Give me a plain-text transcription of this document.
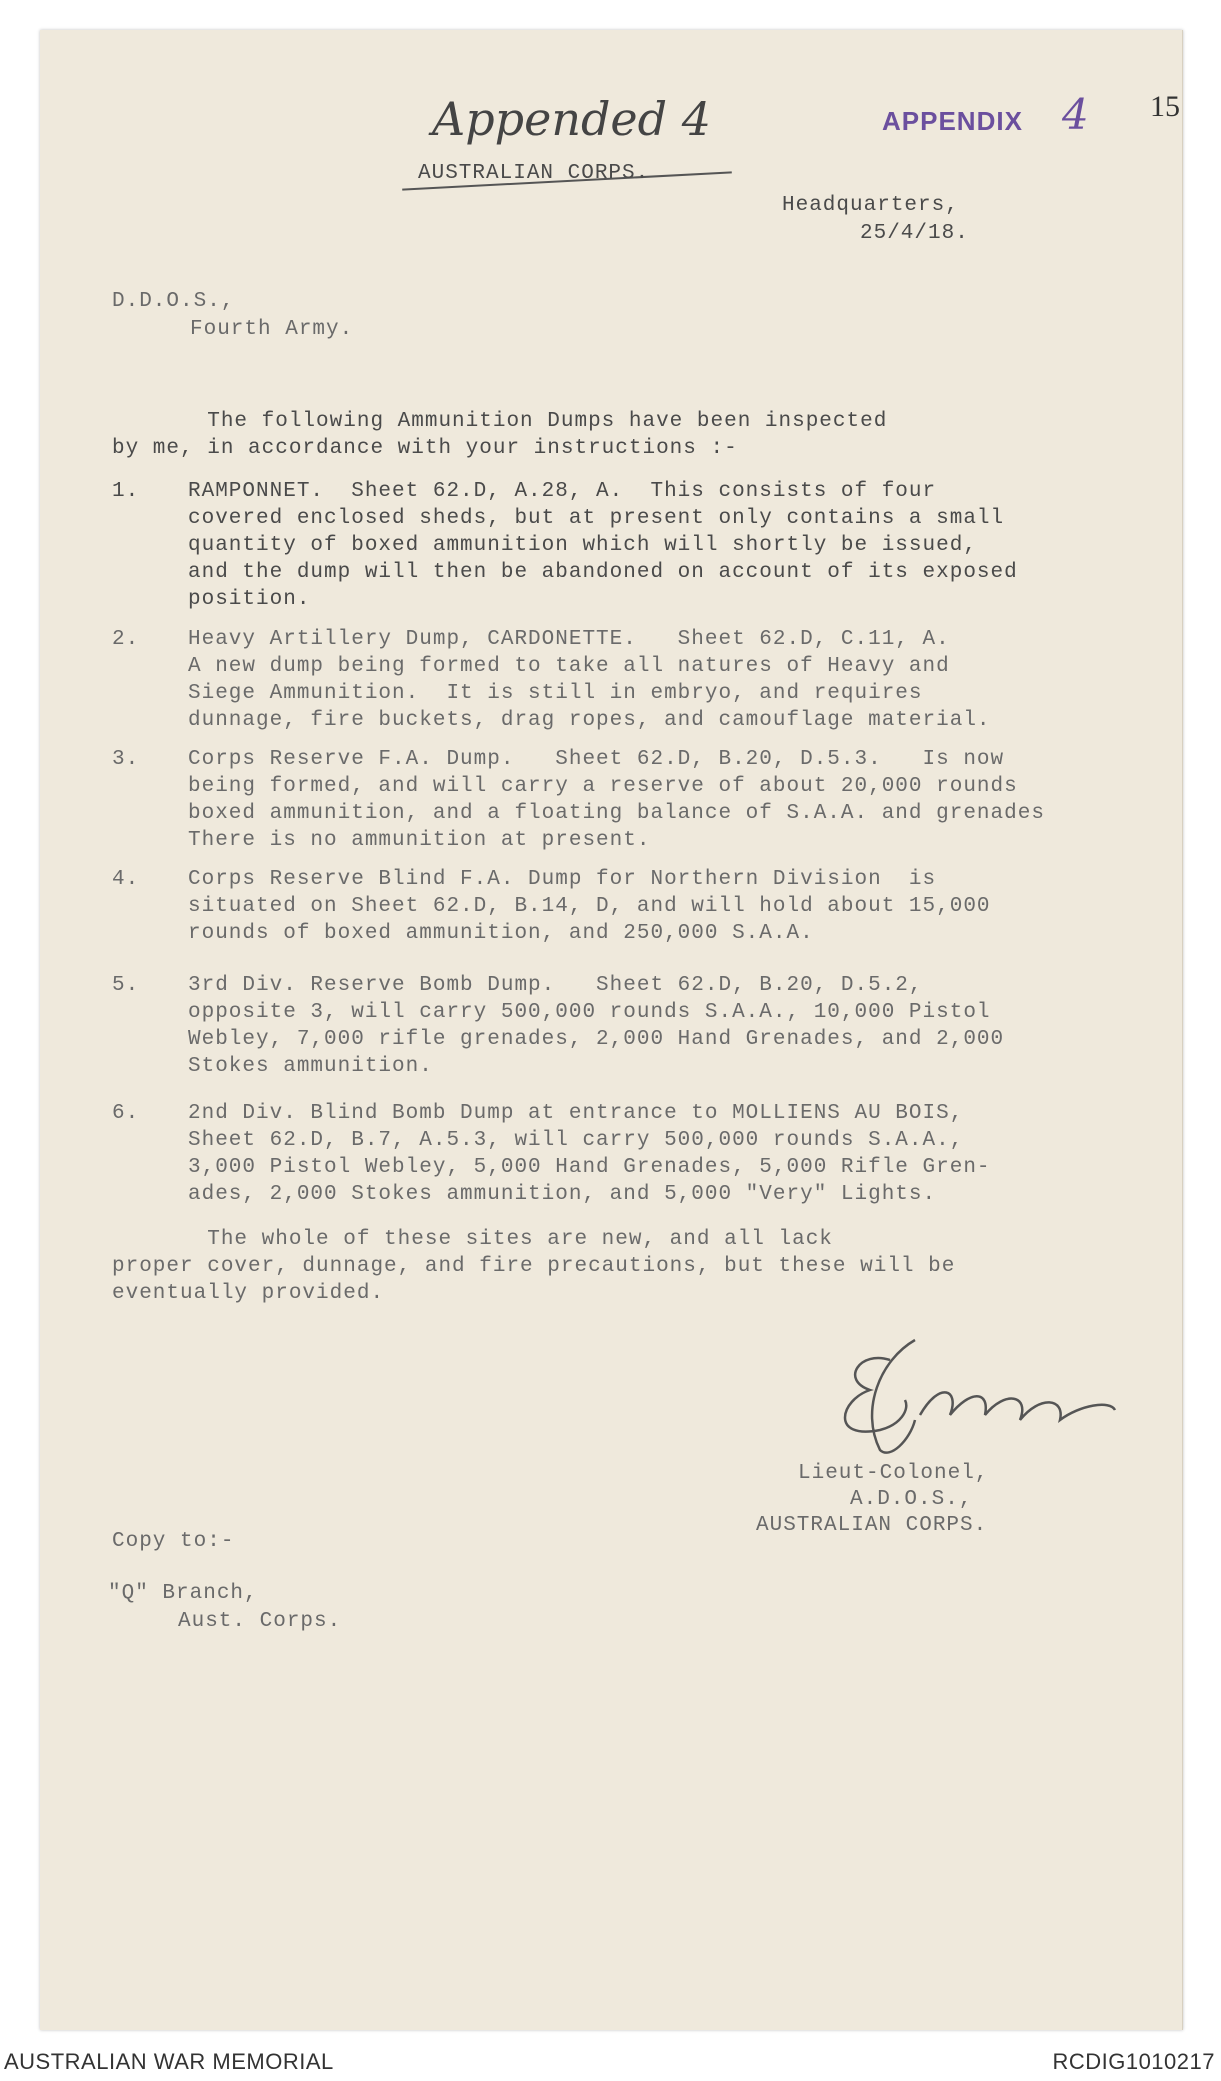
Appended 4	APPENDIX 4 15
AUSTRALIAN CORPS.
Headquarters,
25/4/18.
D.D.O.S.,
Fourth Army.
The following Ammunition Dumps have been inspected
by me, in accordance with your instructions :-

1.

RAMPONNET.  Sheet 62.D, A.28, A.  This consists of four
covered enclosed sheds, but at present only contains a small
quantity of boxed ammunition which will shortly be issued,
and the dump will then be abandoned on account of its exposed
position.

2.

Heavy Artillery Dump, CARDONETTE.   Sheet 62.D, C.11, A.
A new dump being formed to take all natures of Heavy and
Siege Ammunition.  It is still in embryo, and requires
dunnage, fire buckets, drag ropes, and camouflage material.

3.

Corps Reserve F.A. Dump.   Sheet 62.D, B.20, D.5.3.   Is now
being formed, and will carry a reserve of about 20,000 rounds
boxed ammunition, and a floating balance of S.A.A. and grenades
There is no ammunition at present.

4.

Corps Reserve Blind F.A. Dump for Northern Division  is
situated on Sheet 62.D, B.14, D, and will hold about 15,000
rounds of boxed ammunition, and 250,000 S.A.A.

5.

3rd Div. Reserve Bomb Dump.   Sheet 62.D, B.20, D.5.2,
opposite 3, will carry 500,000 rounds S.A.A., 10,000 Pistol
Webley, 7,000 rifle grenades, 2,000 Hand Grenades, and 2,000
Stokes ammunition.

6.

2nd Div. Blind Bomb Dump at entrance to MOLLIENS AU BOIS,
Sheet 62.D, B.7, A.5.3, will carry 500,000 rounds S.A.A.,
3,000 Pistol Webley, 5,000 Hand Grenades, 5,000 Rifle Gren-
ades, 2,000 Stokes ammunition, and 5,000 "Very" Lights.

The whole of these sites are new, and all lack
proper cover, dunnage, and fire precautions, but these will be
eventually provided.
Lieut-Colonel,
A.D.O.S.,
AUSTRALIAN CORPS.
Copy to:-
"Q" Branch,
Aust. Corps.
AUSTRALIAN WAR MEMORIAL	RCDIG1010217
